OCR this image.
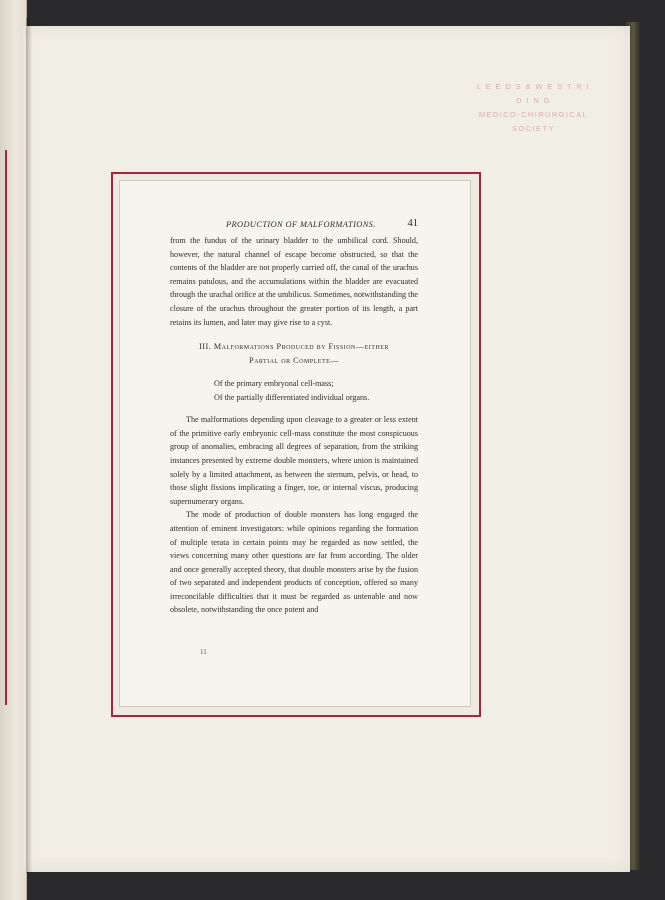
L E E D S & W E S T R I D I N G
MEDICO-CHIRURGICAL SOCIETY
PRODUCTION OF MALFORMATIONS.	41

from the fundus of the urinary bladder to the umbilical cord. Should, however, the natural channel of escape become obstructed, so that the contents of the bladder are not properly carried off, the canal of the urachus remains patulous, and the accumulations within the bladder are evacuated through the urachal orifice at the umbilicus. Sometimes, notwithstanding the closure of the urachus throughout the greater portion of its length, a part retains its lumen, and later may give rise to a cyst.

III. Malformations Produced by Fission—either
Partial or Complete—
Of the primary embryonal cell-mass;
Of the partially differentiated individual organs.

The malformations depending upon cleavage to a greater or less extent of the primitive early embryonic cell-mass constitute the most conspicuous group of anomalies, embracing all degrees of separation, from the striking instances presented by extreme double monsters, where union is maintained solely by a limited attachment, as between the sternum, pelvis, or head, to those slight fissions implicating a finger, toe, or internal viscus, producing supernumerary organs.

The mode of production of double monsters has long engaged the attention of eminent investigators: while opinions regarding the formation of multiple terata in certain points may be regarded as now settled, the views concerning many other questions are far from according. The older and once generally accepted theory, that double monsters arise by the fusion of two separated and independent products of conception, offered so many irreconcilable difficulties that it must be regarded as untenable and now obsolete, notwithstanding the once potent and

11
